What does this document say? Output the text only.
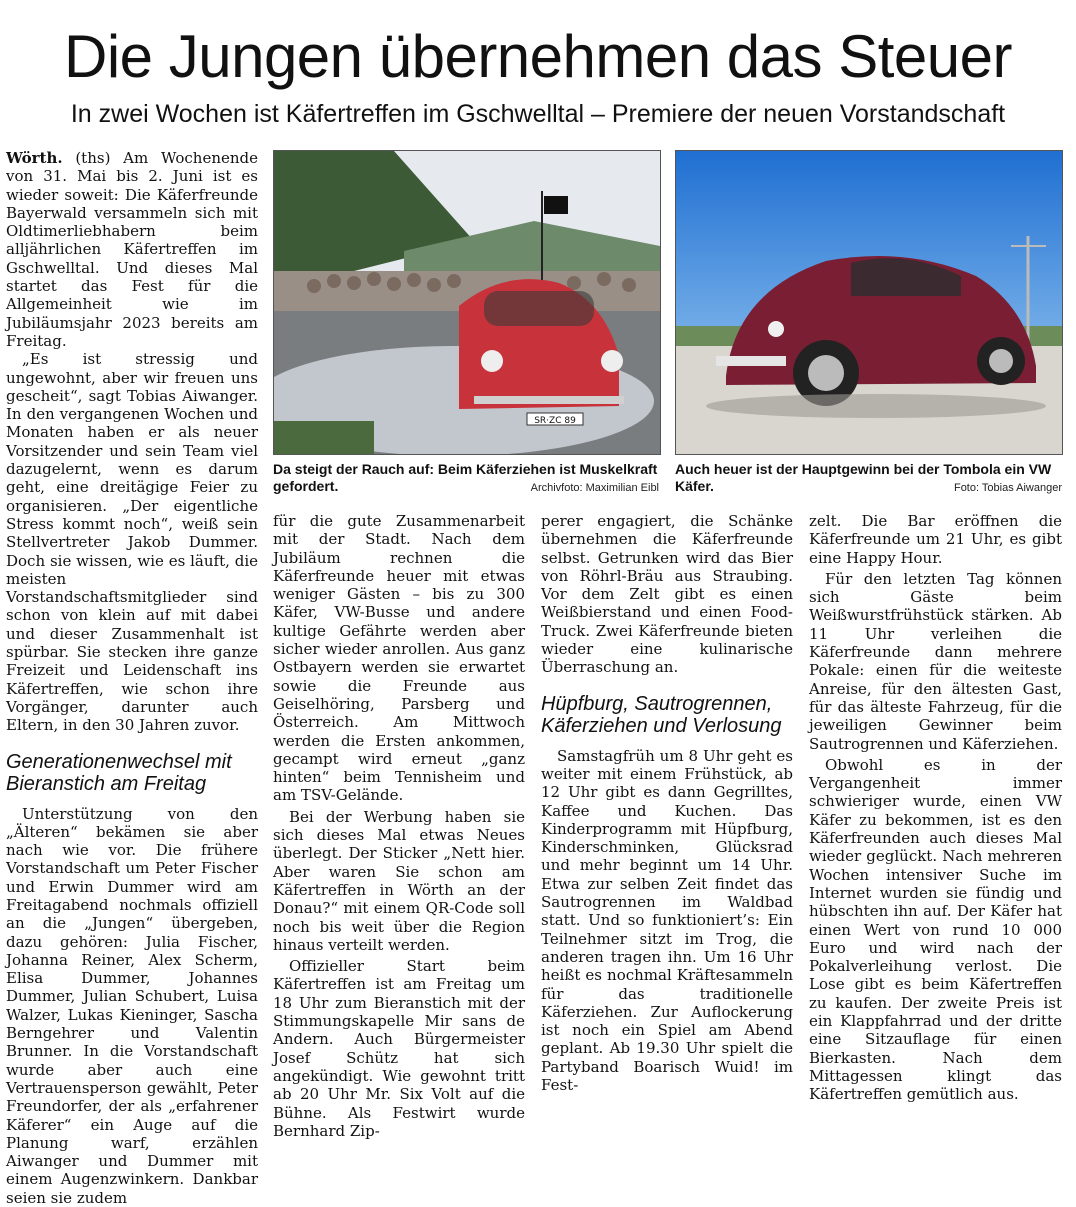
Die Jungen übernehmen das Steuer
In zwei Wochen ist Käfertreffen im Gschwelltal – Premiere der neuen Vorstandschaft

Wörth. (ths) Am Wochenende von 31. Mai bis 2. Juni ist es wieder soweit: Die Käferfreunde Bayerwald versammeln sich mit Oldtimerliebhabern beim alljährlichen Käfertreffen im Gschwelltal. Und dieses Mal startet das Fest für die Allgemeinheit wie im Jubiläumsjahr 2023 bereits am Freitag.

„Es ist stressig und ungewohnt, aber wir freuen uns gescheit“, sagt Tobias Aiwanger. In den vergangenen Wochen und Monaten haben er als neuer Vorsitzender und sein Team viel dazugelernt, wenn es darum geht, eine dreitägige Feier zu organisieren. „Der eigentliche Stress kommt noch“, weiß sein Stellvertreter Jakob Dummer. Doch sie wissen, wie es läuft, die meisten Vorstandschaftsmitglieder sind schon von klein auf mit dabei und dieser Zusammenhalt ist spürbar. Sie stecken ihre ganze Freizeit und Leidenschaft ins Käfertreffen, wie schon ihre Vorgänger, darunter auch Eltern, in den 30 Jahren zuvor.

Generationenwechsel mit Bieranstich am Freitag

Unterstützung von den „Älteren“ bekämen sie aber nach wie vor. Die frühere Vorstandschaft um Peter Fischer und Erwin Dummer wird am Freitagabend nochmals offiziell an die „Jungen“ übergeben, dazu gehören: Julia Fischer, Johanna Reiner, Alex Scherm, Elisa Dummer, Johannes Dummer, Julian Schubert, Luisa Walzer, Lukas Kieninger, Sascha Berngehrer und Valentin Brunner. In die Vorstandschaft wurde aber auch eine Vertrauensperson gewählt, Peter Freundorfer, der als „erfahrener Käferer“ ein Auge auf die Planung warf, erzählen Aiwanger und Dummer mit einem Augenzwinkern. Dankbar seien sie zudem

SR·ZC 89
Da steigt der Rauch auf: Beim Käferziehen ist Muskelkraft gefordert.	Archivfoto: Maximilian Eibl
Auch heuer ist der Hauptgewinn bei der Tombola ein VW Käfer.	Foto: Tobias Aiwanger

für die gute Zusammenarbeit mit der Stadt. Nach dem Jubiläum rechnen die Käferfreunde heuer mit etwas weniger Gästen – bis zu 300 Käfer, VW-Busse und andere kultige Gefährte werden aber sicher wieder anrollen. Aus ganz Ostbayern werden sie erwartet sowie die Freunde aus Geiselhöring, Parsberg und Österreich. Am Mittwoch werden die Ersten ankommen, gecampt wird erneut „ganz hinten“ beim Tennisheim und am TSV-Gelände.

Bei der Werbung haben sie sich dieses Mal etwas Neues überlegt. Der Sticker „Nett hier. Aber waren Sie schon am Käfertreffen in Wörth an der Donau?“ mit einem QR-Code soll noch bis weit über die Region hinaus verteilt werden.

Offizieller Start beim Käfertreffen ist am Freitag um 18 Uhr zum Bieranstich mit der Stimmungskapelle Mir sans de Andern. Auch Bürgermeister Josef Schütz hat sich angekündigt. Wie gewohnt tritt ab 20 Uhr Mr. Six Volt auf die Bühne. Als Festwirt wurde Bernhard Zip-

perer engagiert, die Schänke übernehmen die Käferfreunde selbst. Getrunken wird das Bier von Röhrl-Bräu aus Straubing. Vor dem Zelt gibt es einen Weißbierstand und einen Food-Truck. Zwei Käferfreunde bieten wieder eine kulinarische Überraschung an.

Hüpfburg, Sautrogrennen, Käferziehen und Verlosung

Samstagfrüh um 8 Uhr geht es weiter mit einem Frühstück, ab 12 Uhr gibt es dann Gegrilltes, Kaffee und Kuchen. Das Kinderprogramm mit Hüpfburg, Kinderschminken, Glücksrad und mehr beginnt um 14 Uhr. Etwa zur selben Zeit findet das Sautrogrennen im Waldbad statt. Und so funktioniert’s: Ein Teilnehmer sitzt im Trog, die anderen tragen ihn. Um 16 Uhr heißt es nochmal Kräftesammeln für das traditionelle Käferziehen. Zur Auflockerung ist noch ein Spiel am Abend geplant. Ab 19.30 Uhr spielt die Partyband Boarisch Wuid! im Fest-

zelt. Die Bar eröffnen die Käferfreunde um 21 Uhr, es gibt eine Happy Hour.

Für den letzten Tag können sich Gäste beim Weißwurstfrühstück stärken. Ab 11 Uhr verleihen die Käferfreunde dann mehrere Pokale: einen für die weiteste Anreise, für den ältesten Gast, für das älteste Fahrzeug, für die jeweiligen Gewinner beim Sautrogrennen und Käferziehen.

Obwohl es in der Vergangenheit immer schwieriger wurde, einen VW Käfer zu bekommen, ist es den Käferfreunden auch dieses Mal wieder geglückt. Nach mehreren Wochen intensiver Suche im Internet wurden sie fündig und hübschten ihn auf. Der Käfer hat einen Wert von rund 10 000 Euro und wird nach der Pokalverleihung verlost. Die Lose gibt es beim Käfertreffen zu kaufen. Der zweite Preis ist ein Klappfahrrad und der dritte eine Sitzauflage für einen Bierkasten. Nach dem Mittagessen klingt das Käfertreffen gemütlich aus.
